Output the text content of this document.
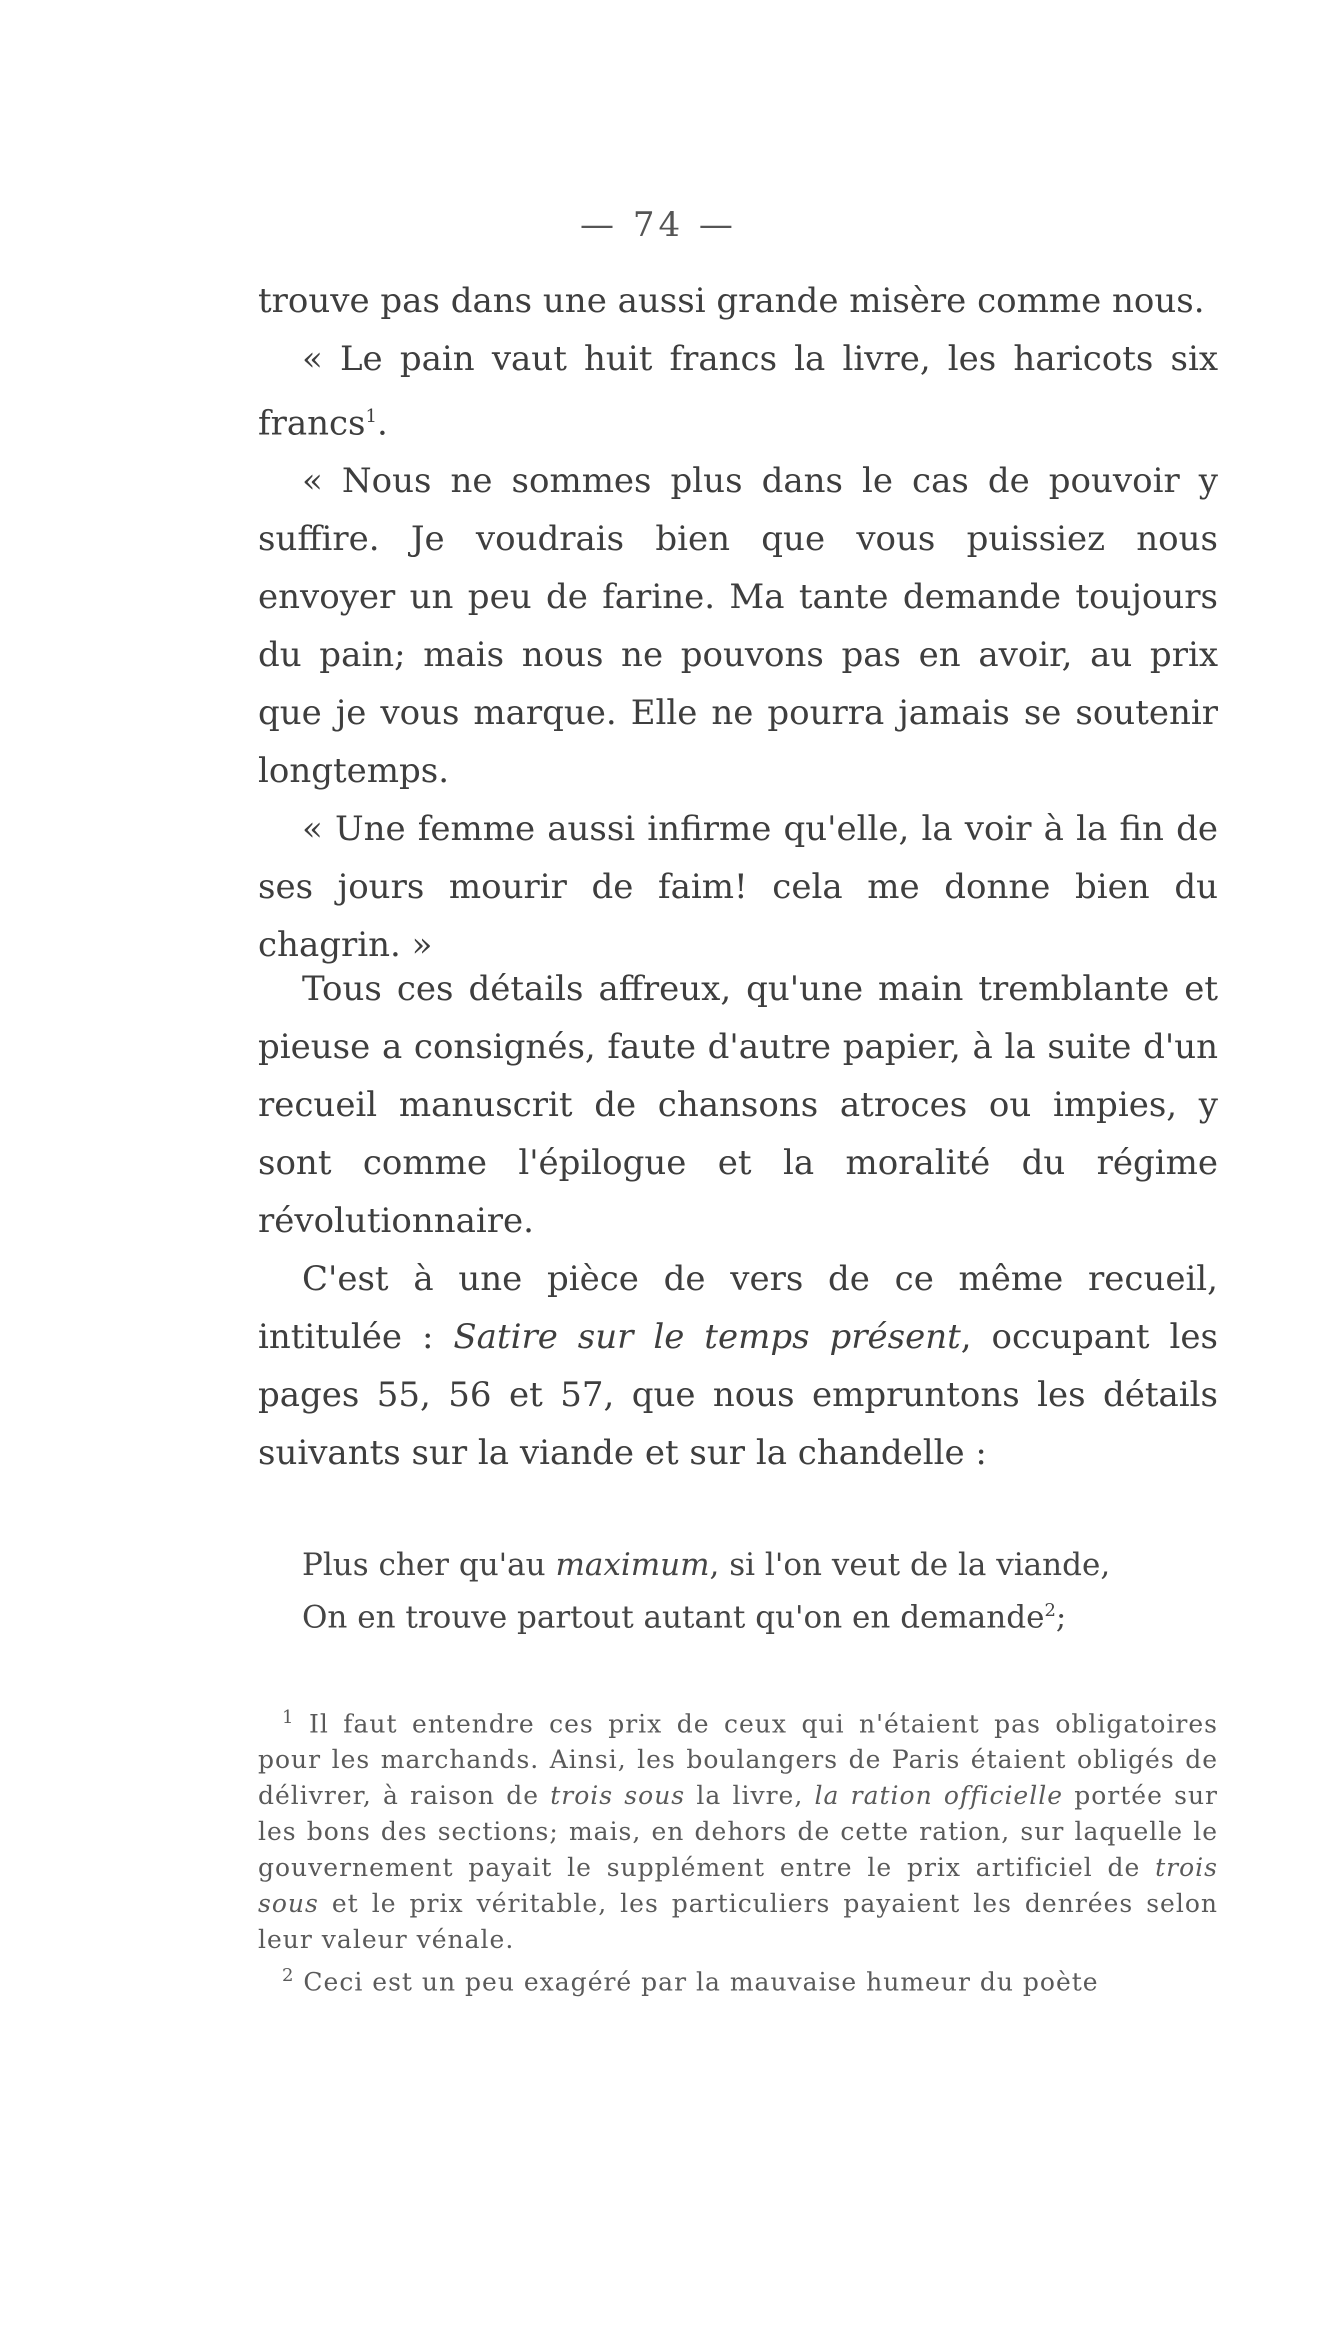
— 74 —

trouve pas dans une aussi grande misère comme nous.

« Le pain vaut huit francs la livre, les haricots six francs$^1$.

« Nous ne sommes plus dans le cas de pouvoir y suffire. Je voudrais bien que vous puissiez nous envoyer un peu de farine. Ma tante demande toujours du pain; mais nous ne pouvons pas en avoir, au prix que je vous marque. Elle ne pourra jamais se soutenir longtemps.

« Une femme aussi infirme qu'elle, la voir à la fin de ses jours mourir de faim! cela me donne bien du chagrin. »

Tous ces détails affreux, qu'une main tremblante et pieuse a consignés, faute d'autre papier, à la suite d'un recueil manuscrit de chansons atroces ou impies, y sont comme l'épilogue et la moralité du régime révolutionnaire.

C'est à une pièce de vers de ce même recueil, intitulée : Satire sur le temps présent, occupant les pages 55, 56 et 57, que nous empruntons les détails suivants sur la viande et sur la chandelle :

Plus cher qu'au maximum, si l'on veut de la viande,

On en trouve partout autant qu'on en demande$^2$;

$^1$ Il faut entendre ces prix de ceux qui n'étaient pas obligatoires pour les marchands. Ainsi, les boulangers de Paris étaient obligés de délivrer, à raison de trois sous la livre, la ration officielle portée sur les bons des sections; mais, en dehors de cette ration, sur laquelle le gouvernement payait le supplément entre le prix artificiel de trois sous et le prix véritable, les particuliers payaient les denrées selon leur valeur vénale.

$^2$ Ceci est un peu exagéré par la mauvaise humeur du poète
